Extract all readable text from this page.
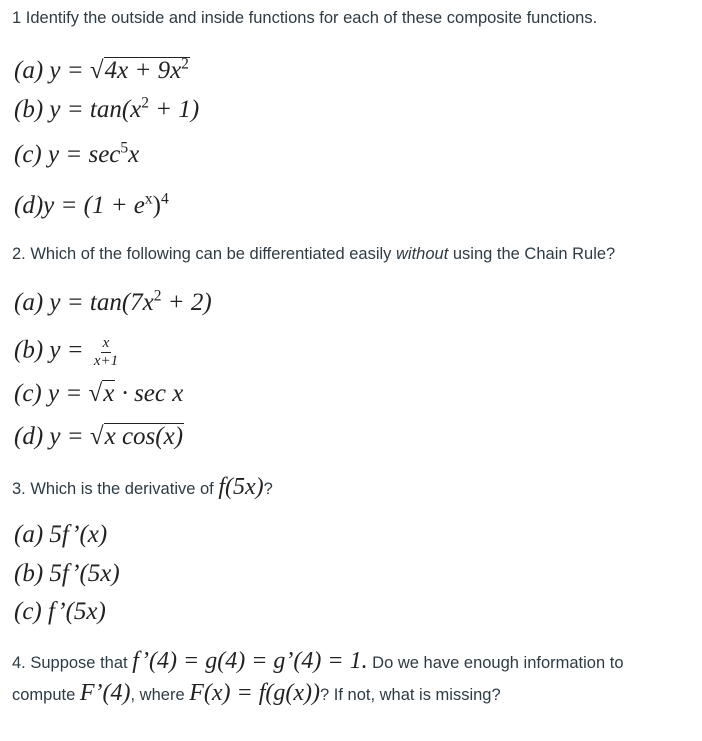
1 Identify the outside and inside functions for each of these composite functions.
(a) $y = √4x + 9x^2$
(b) $y = \tan(x^2 + 1)$
(c) $y = \sec^5x$
$(d)y = (1 + e^x)^4$
2. Which of the following can be differentiated easily without using the Chain Rule?
(a) $y = \tan(7x^2 + 2)$
(b) $y = \frac{x}{x+1}$
(c) y = √x · sec x
(d) y = √x cos(x)
3. Which is the derivative of f(5x)?
(a) 5f’(x)
(b) 5f’(5x)
(c) f’(5x)
4. Suppose that f’(4) = g(4) = g’(4) = 1. Do we have enough information to compute F’(4), where F(x) = f(g(x))? If not, what is missing?
